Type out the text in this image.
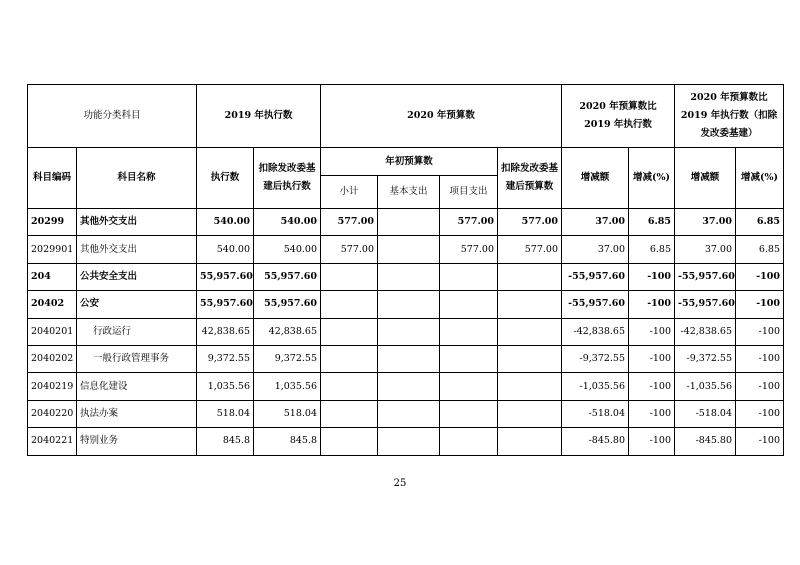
功能分类科目		2019 年执行数		2020 年预算数				2020 年预算数比 2019 年执行数		2020 年预算数比 2019 年执行数（扣除发改委基建）	
科目编码	科目名称	执行数	扣除发改委基建后执行数	年初预算数			扣除发改委基建后预算数	增减额	增减(%)	增减额	增减(%)
				小计	基本支出	项目支出					
20299	其他外交支出	540.00	540.00	577.00		577.00	577.00	37.00	6.85	37.00	6.85
2029901	其他外交支出	540.00	540.00	577.00		577.00	577.00	37.00	6.85	37.00	6.85
204	公共安全支出	55,957.60	55,957.60					-55,957.60	-100	-55,957.60	-100
20402	公安	55,957.60	55,957.60					-55,957.60	-100	-55,957.60	-100
2040201	行政运行	42,838.65	42,838.65					-42,838.65	-100	-42,838.65	-100
2040202	一般行政管理事务	9,372.55	9,372.55					-9,372.55	-100	-9,372.55	-100
2040219	信息化建设	1,035.56	1,035.56					-1,035.56	-100	-1,035.56	-100
2040220	执法办案	518.04	518.04					-518.04	-100	-518.04	-100
2040221	特别业务	845.8	845.8					-845.80	-100	-845.80	-100
25
